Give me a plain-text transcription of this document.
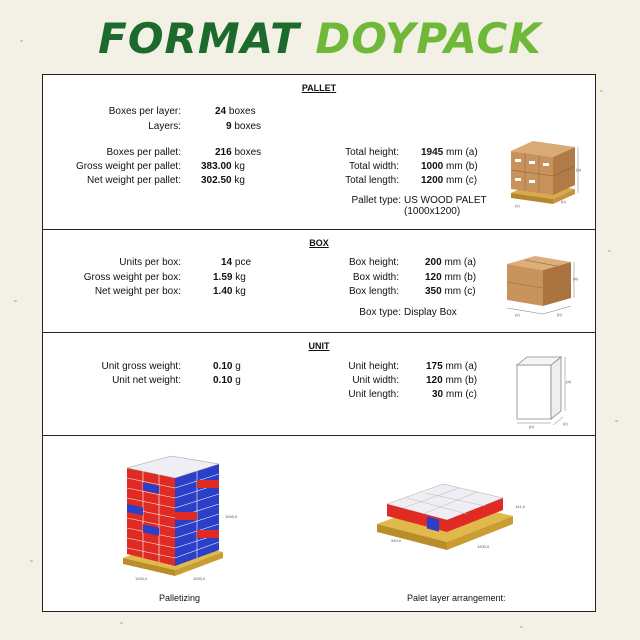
FORMAT DOYPACK
PALLET
Boxes per layer:	24 boxes
Layers:	9 boxes
Boxes per pallet:	216 boxes
Gross weight per pallet: 383.00 kg
Net weight per pallet: 302.50 kg
Total height: 1945 mm (a)
Total width: 1000 mm (b)
Total length: 1200 mm (c)
Pallet type: US WOOD PALET
(1000x1200)
(a)
(c)
(b)
BOX
Units per box:	14 pce
Gross weight per box:	1.59 kg
Net weight per box:	1.40 kg
Box height:	200 mm (a)
Box width:	120 mm (b)
Box length:	350 mm (c)
Box type: Display Box
(a)
(c)	(b)
UNIT
Unit gross weight:	0.10 g
Unit net weight:	0.10 g
Unit height:	175 mm (a)
Unit width:	120 mm (b)
Unit length:	30 mm (c)
(a)
(b)
(c)
1945,0
1200,0	1000,0
141,0
949,0
1200,0
Palletizing	Palet layer arrangement:
